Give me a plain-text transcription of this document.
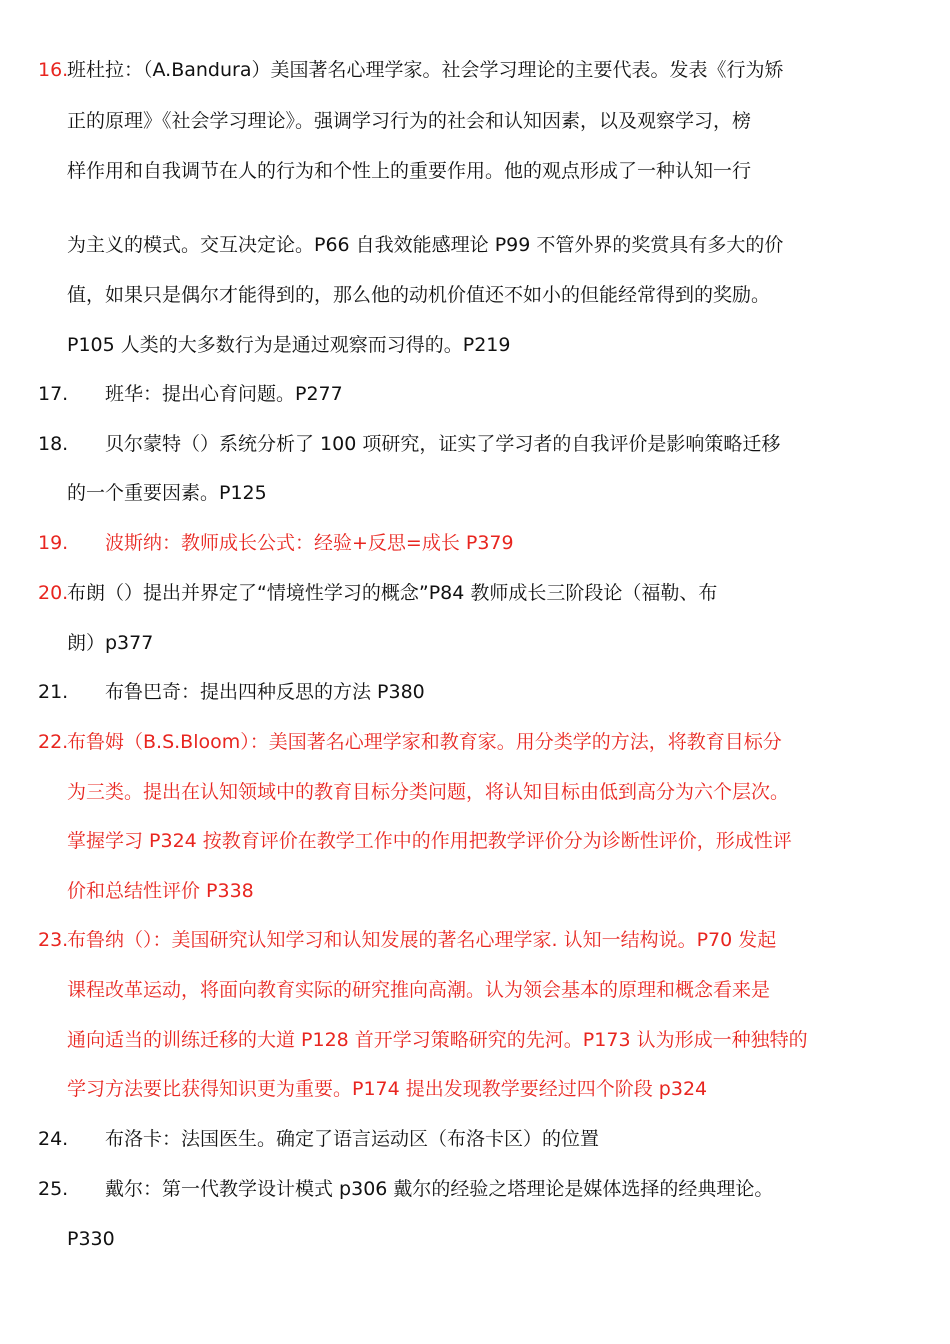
16.
班杜拉：（A.Bandura）美国著名心理学家。社会学习理论的主要代表。发表《行为矫
正的原理》《社会学习理论》。强调学习行为的社会和认知因素，以及观察学习，榜
样作用和自我调节在人的行为和个性上的重要作用。他的观点形成了一种认知一行
为主义的模式。交互决定论。P66 自我效能感理论 P99 不管外界的奖赏具有多大的价
值，如果只是偶尔才能得到的，那么他的动机价值还不如小的但能经常得到的奖励。
P105 人类的大多数行为是通过观察而习得的。P219
17. 班华：提出心育问题。P277
18. 贝尔蒙特（）系统分析了 100 项研究，证实了学习者的自我评价是影响策略迁移
的一个重要因素。P125
19. 波斯纳：教师成长公式：经验+反思=成长 P379
20.
布朗（）提出并界定了“情境性学习的概念”P84 教师成长三阶段论（福勒、布
朗）p377
21. 布鲁巴奇：提出四种反思的方法 P380
22.
布鲁姆（B.S.Bloom）：美国著名心理学家和教育家。用分类学的方法，将教育目标分
为三类。提出在认知领域中的教育目标分类问题，将认知目标由低到高分为六个层次。
掌握学习 P324 按教育评价在教学工作中的作用把教学评价分为诊断性评价，形成性评
价和总结性评价 P338
23.
布鲁纳（）：美国研究认知学习和认知发展的著名心理学家. 认知一结构说。P70 发起
课程改革运动，将面向教育实际的研究推向高潮。认为领会基本的原理和概念看来是
通向适当的训练迁移的大道 P128 首开学习策略研究的先河。P173 认为形成一种独特的
学习方法要比获得知识更为重要。P174 提出发现教学要经过四个阶段 p324
24. 布洛卡：法国医生。确定了语言运动区（布洛卡区）的位置
25. 戴尔：第一代教学设计模式 p306 戴尔的经验之塔理论是媒体选择的经典理论。
P330
